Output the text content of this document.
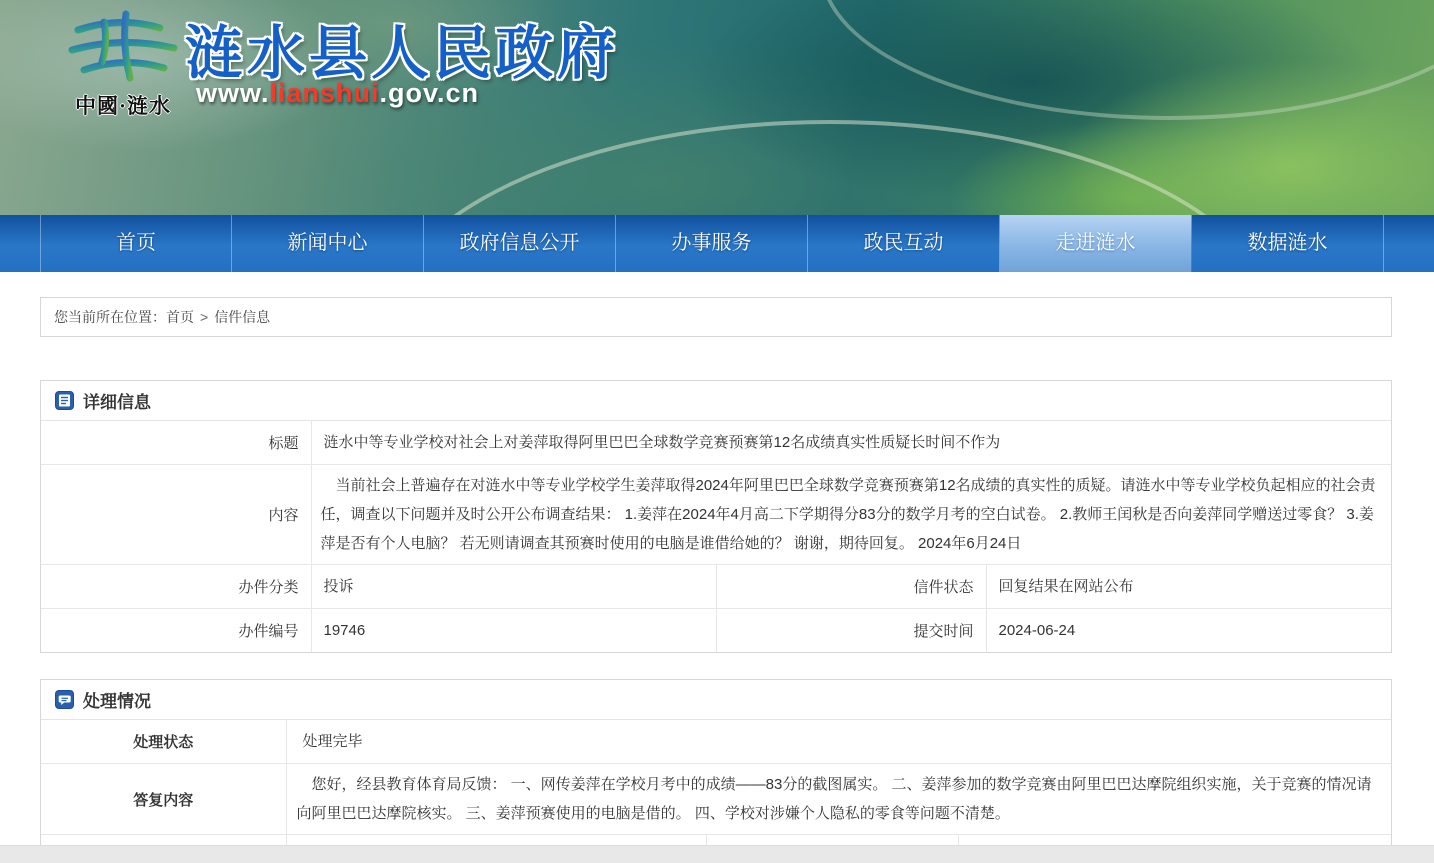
中國·涟水
涟水县人民政府
www.lianshui.gov.cn
首页	新闻中心	政府信息公开	办事服务	政民互动	走进涟水	数据涟水
您当前所在位置： 首页 > 信件信息
详细信息
标题	涟水中等专业学校对社会上对姜萍取得阿里巴巴全球数学竞赛预赛第12名成绩真实性质疑长时间不作为		
内容	　当前社会上普遍存在对涟水中等专业学校学生姜萍取得2024年阿里巴巴全球数学竞赛预赛第12名成绩的真实性的质疑。请涟水中等专业学校负起相应的社会责任，调查以下问题并及时公开公布调查结果： 1.姜萍在2024年4月高二下学期得分83分的数学月考的空白试卷。 2.教师王闰秋是否向姜萍同学赠送过零食？ 3.姜萍是否有个人电脑？ 若无则请调查其预赛时使用的电脑是谁借给她的？ 谢谢，期待回复。 2024年6月24日		
办件分类	投诉	信件状态	回复结果在网站公布
办件编号	19746	提交时间	2024-06-24
处理情况
处理状态	处理完毕		
答复内容	　您好，经县教育体育局反馈： 一、网传姜萍在学校月考中的成绩——83分的截图属实。 二、姜萍参加的数学竞赛由阿里巴巴达摩院组织实施，关于竞赛的情况请向阿里巴巴达摩院核实。 三、姜萍预赛使用的电脑是借的。 四、学校对涉嫌个人隐私的零食等问题不清楚。		
